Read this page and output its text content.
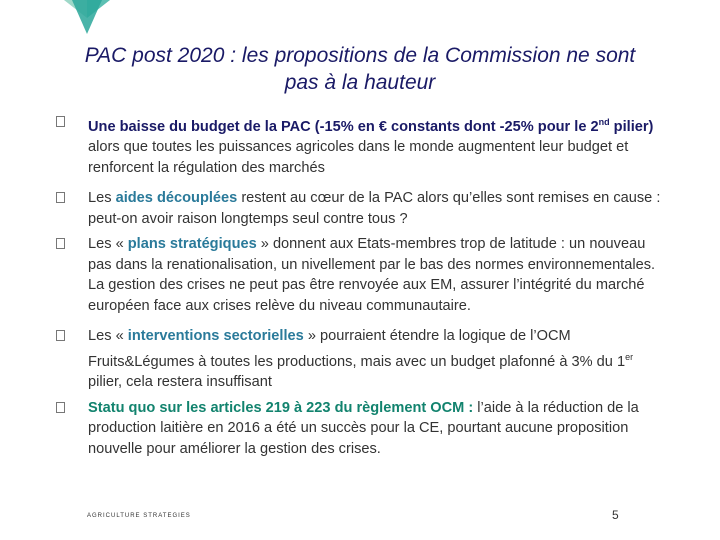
PAC post 2020 : les propositions de la Commission ne sont
pas à la hauteur
Une baisse du budget de la PAC (-15% en € constants dont -25% pour le 2nd pilier) alors que toutes les puissances agricoles dans le monde augmentent leur budget et renforcent la régulation des marchés
Les aides découplées restent au cœur de la PAC alors qu’elles sont remises en cause : peut-on avoir raison longtemps seul contre tous ?
Les « plans stratégiques » donnent aux Etats-membres trop de latitude : un nouveau pas dans la renationalisation, un nivellement par le bas des normes environnementales. La gestion des crises ne peut pas être renvoyée aux EM, assurer l’intégrité du marché européen face aux crises relève du niveau communautaire.
Les « interventions sectorielles » pourraient étendre la logique de l’OCM Fruits&Légumes à toutes les productions, mais avec un budget plafonné à 3% du 1er pilier, cela restera insuffisant
Statu quo sur les articles 219 à 223 du règlement OCM : l’aide à la réduction de la production laitière en 2016 a été un succès pour la CE, pourtant aucune proposition nouvelle pour améliorer la gestion des crises.
AGRICULTURE STRATEGIES	5
